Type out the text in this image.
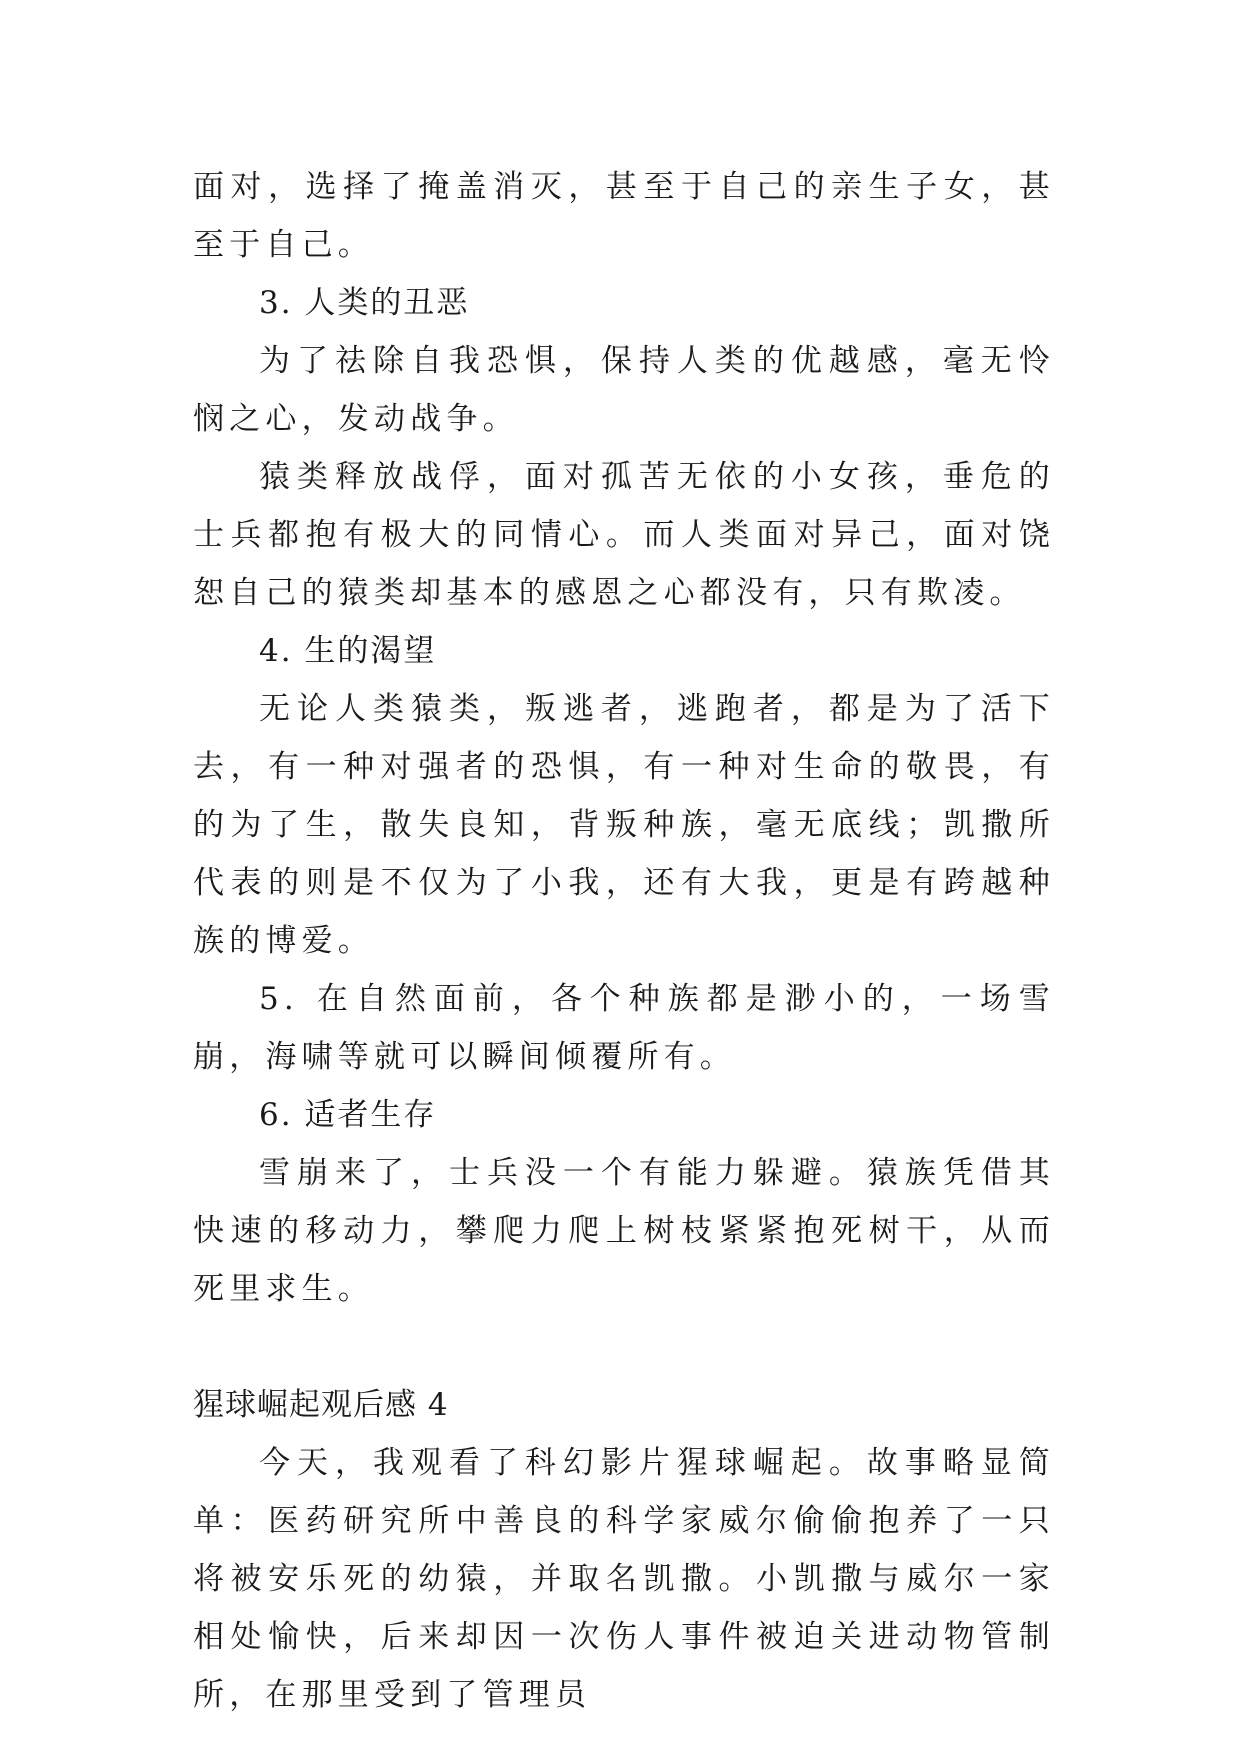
面对，选择了掩盖消灭，甚至于自己的亲生子女，甚至于自己。

3. 人类的丑恶

为了祛除自我恐惧，保持人类的优越感，毫无怜悯之心，发动战争。

猿类释放战俘，面对孤苦无依的小女孩，垂危的士兵都抱有极大的同情心。而人类面对异己，面对饶恕自己的猿类却基本的感恩之心都没有，只有欺凌。

4. 生的渴望

无论人类猿类，叛逃者，逃跑者，都是为了活下去，有一种对强者的恐惧，有一种对生命的敬畏，有的为了生，散失良知，背叛种族，毫无底线；凯撒所代表的则是不仅为了小我，还有大我，更是有跨越种族的博爱。

5. 在自然面前，各个种族都是渺小的，一场雪崩，海啸等就可以瞬间倾覆所有。

6. 适者生存

雪崩来了，士兵没一个有能力躲避。猿族凭借其快速的移动力，攀爬力爬上树枝紧紧抱死树干，从而死里求生。

猩球崛起观后感 4

今天，我观看了科幻影片猩球崛起。故事略显简单：医药研究所中善良的科学家威尔偷偷抱养了一只将被安乐死的幼猿，并取名凯撒。小凯撒与威尔一家相处愉快，后来却因一次伤人事件被迫关进动物管制所，在那里受到了管理员
